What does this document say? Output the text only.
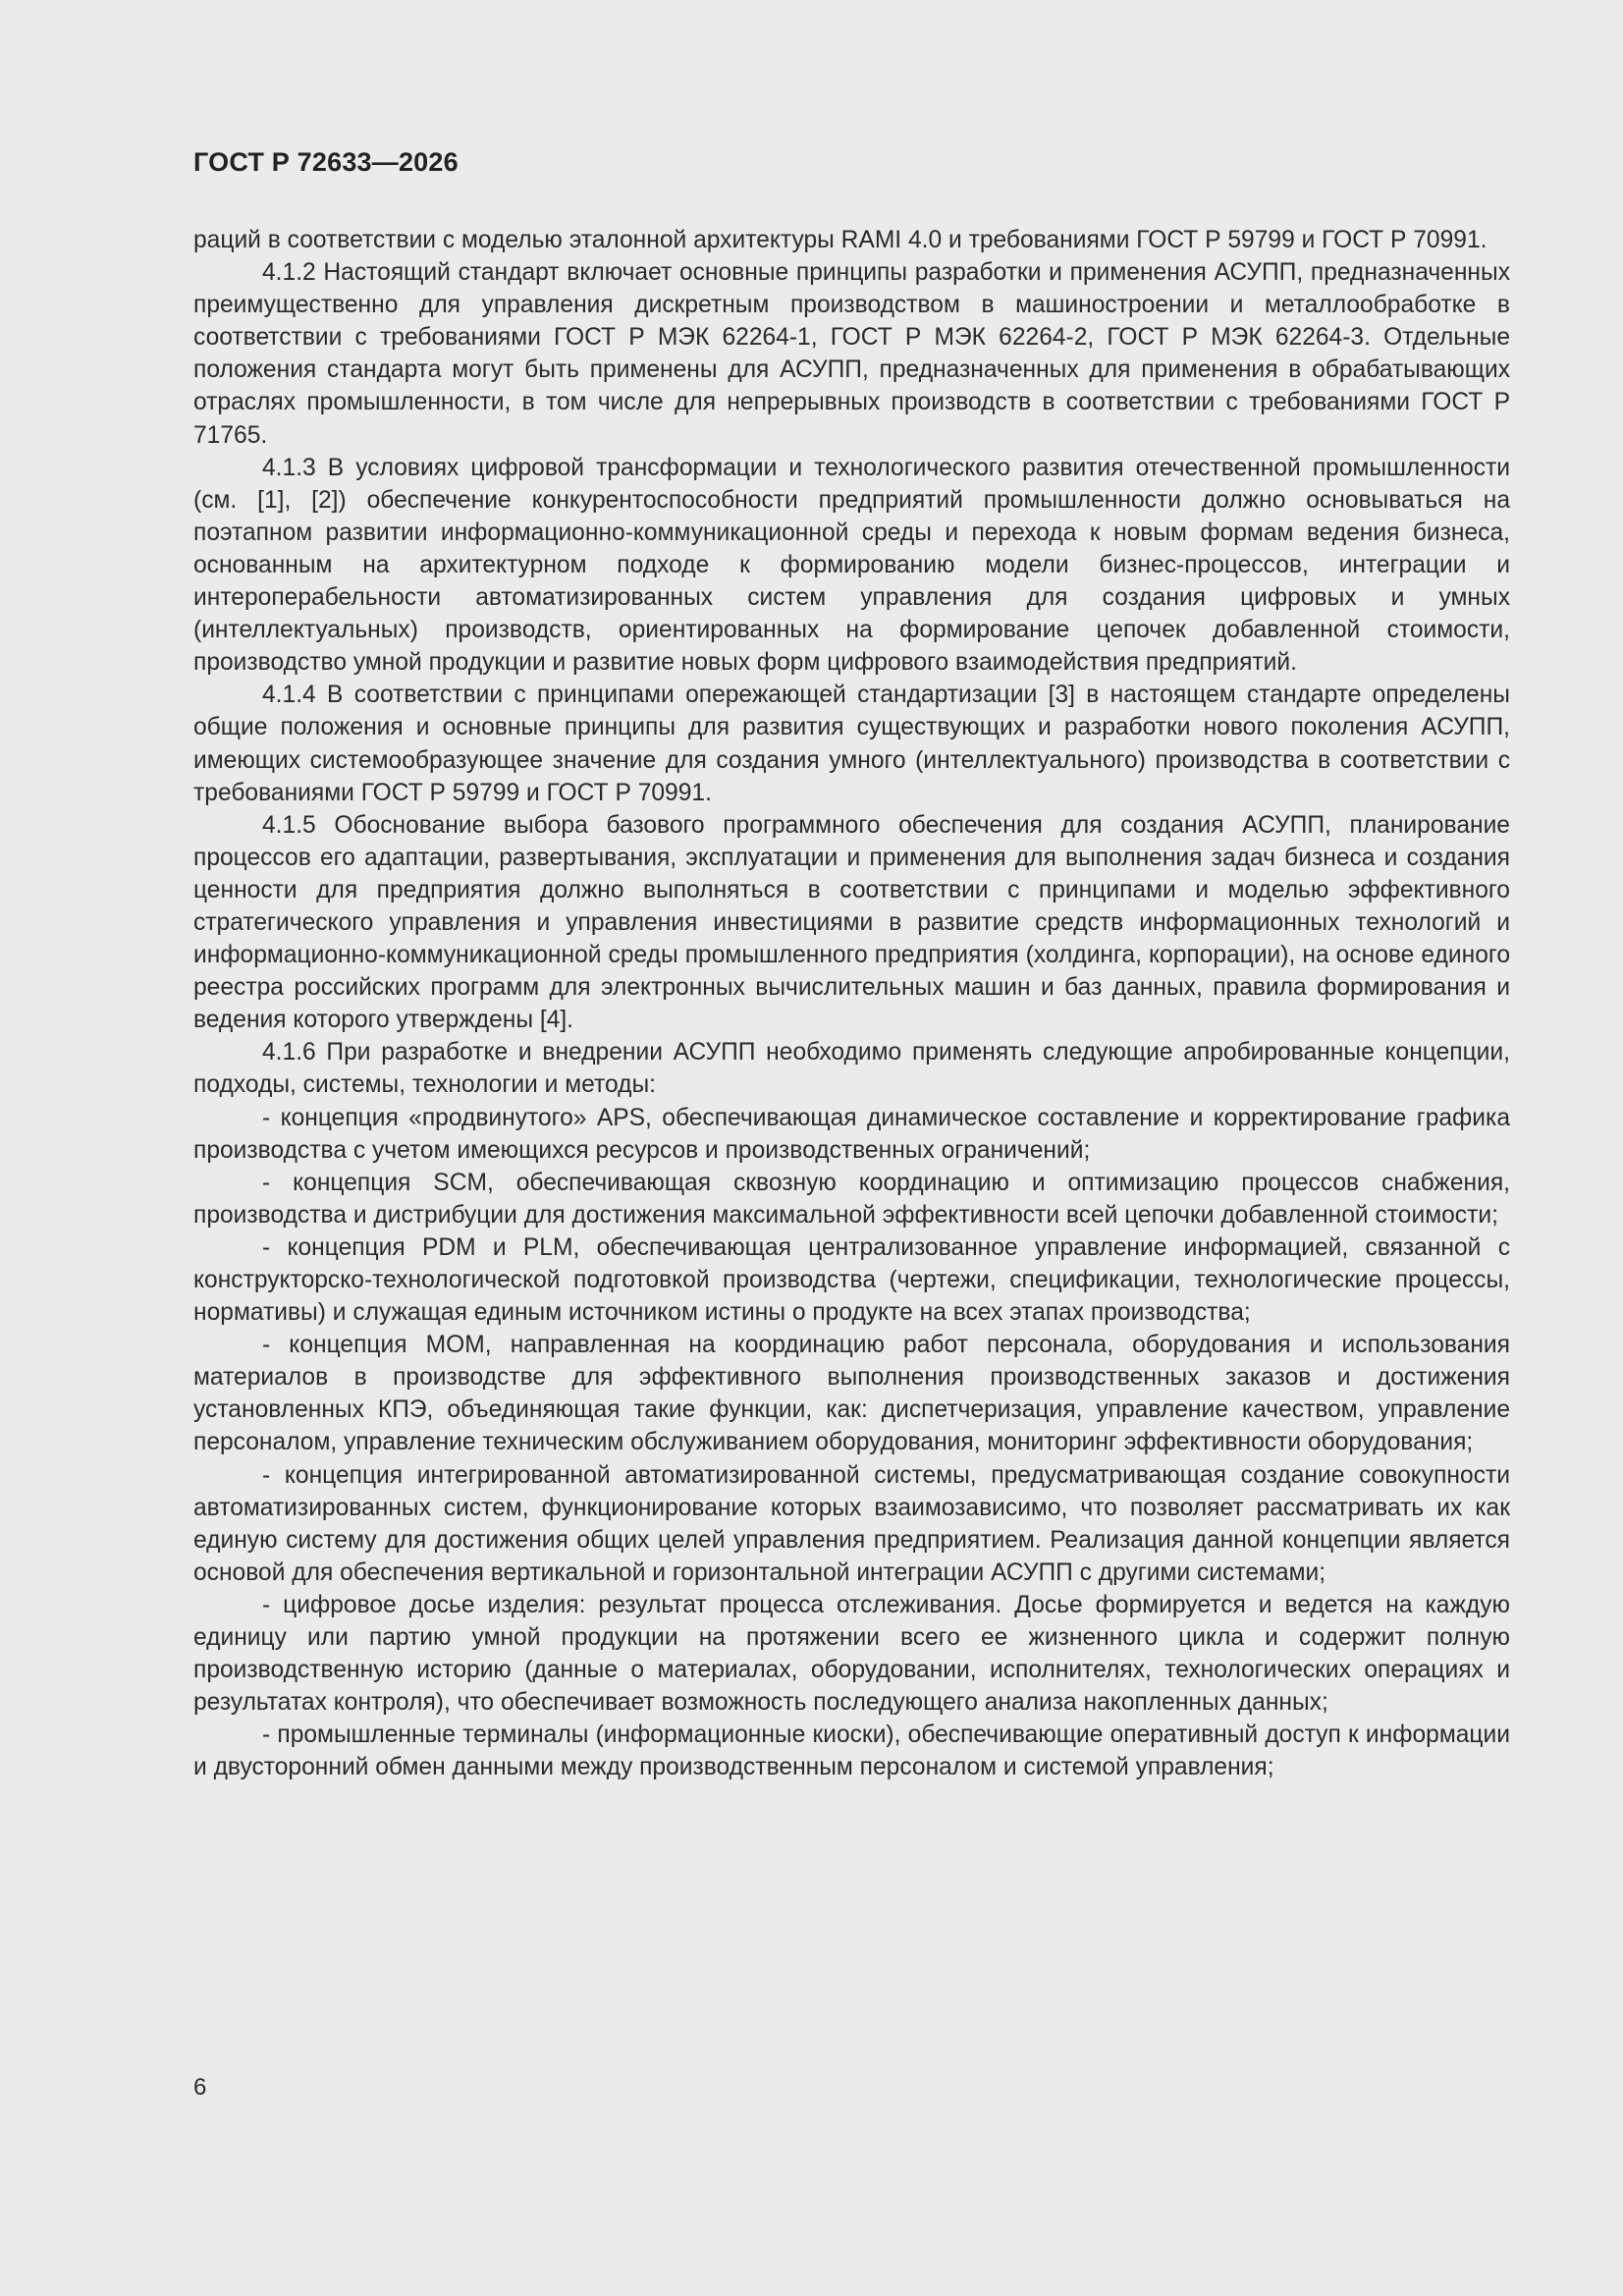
ГОСТ Р 72633—2026

раций в соответствии с моделью эталонной архитектуры RAMI 4.0 и требованиями ГОСТ Р 59799 и ГОСТ Р 70991.

4.1.2 Настоящий стандарт включает основные принципы разработки и применения АСУПП, предназначенных преимущественно для управления дискретным производством в машиностроении и металлообработке в соответствии с требованиями ГОСТ Р МЭК 62264-1, ГОСТ Р МЭК 62264-2, ГОСТ Р МЭК 62264-3. Отдельные положения стандарта могут быть применены для АСУПП, предназначенных для применения в обрабатывающих отраслях промышленности, в том числе для непрерывных производств в соответствии с требованиями ГОСТ Р 71765.

4.1.3 В условиях цифровой трансформации и технологического развития отечественной промышленности (см. [1], [2]) обеспечение конкурентоспособности предприятий промышленности должно основываться на поэтапном развитии информационно-коммуникационной среды и перехода к новым формам ведения бизнеса, основанным на архитектурном подходе к формированию модели бизнес-процессов, интеграции и интероперабельности автоматизированных систем управления для создания цифровых и умных (интеллектуальных) производств, ориентированных на формирование цепочек добавленной стоимости, производство умной продукции и развитие новых форм цифрового взаимодействия предприятий.

4.1.4 В соответствии с принципами опережающей стандартизации [3] в настоящем стандарте определены общие положения и основные принципы для развития существующих и разработки нового поколения АСУПП, имеющих системообразующее значение для создания умного (интеллектуального) производства в соответствии с требованиями ГОСТ Р 59799 и ГОСТ Р 70991.

4.1.5 Обоснование выбора базового программного обеспечения для создания АСУПП, планирование процессов его адаптации, развертывания, эксплуатации и применения для выполнения задач бизнеса и создания ценности для предприятия должно выполняться в соответствии с принципами и моделью эффективного стратегического управления и управления инвестициями в развитие средств информационных технологий и информационно-коммуникационной среды промышленного предприятия (холдинга, корпорации), на основе единого реестра российских программ для электронных вычислительных машин и баз данных, правила формирования и ведения которого утверждены [4].

4.1.6 При разработке и внедрении АСУПП необходимо применять следующие апробированные концепции, подходы, системы, технологии и методы:

- концепция «продвинутого» APS, обеспечивающая динамическое составление и корректирование графика производства с учетом имеющихся ресурсов и производственных ограничений;

- концепция SCM, обеспечивающая сквозную координацию и оптимизацию процессов снабжения, производства и дистрибуции для достижения максимальной эффективности всей цепочки добавленной стоимости;

- концепция PDM и PLM, обеспечивающая централизованное управление информацией, связанной с конструкторско-технологической подготовкой производства (чертежи, спецификации, технологические процессы, нормативы) и служащая единым источником истины о продукте на всех этапах производства;

- концепция МОМ, направленная на координацию работ персонала, оборудования и использования материалов в производстве для эффективного выполнения производственных заказов и достижения установленных КПЭ, объединяющая такие функции, как: диспетчеризация, управление качеством, управление персоналом, управление техническим обслуживанием оборудования, мониторинг эффективности оборудования;

- концепция интегрированной автоматизированной системы, предусматривающая создание совокупности автоматизированных систем, функционирование которых взаимозависимо, что позволяет рассматривать их как единую систему для достижения общих целей управления предприятием. Реализация данной концепции является основой для обеспечения вертикальной и горизонтальной интеграции АСУПП с другими системами;

- цифровое досье изделия: результат процесса отслеживания. Досье формируется и ведется на каждую единицу или партию умной продукции на протяжении всего ее жизненного цикла и содержит полную производственную историю (данные о материалах, оборудовании, исполнителях, технологических операциях и результатах контроля), что обеспечивает возможность последующего анализа накопленных данных;

- промышленные терминалы (информационные киоски), обеспечивающие оперативный доступ к информации и двусторонний обмен данными между производственным персоналом и системой управления;

6
